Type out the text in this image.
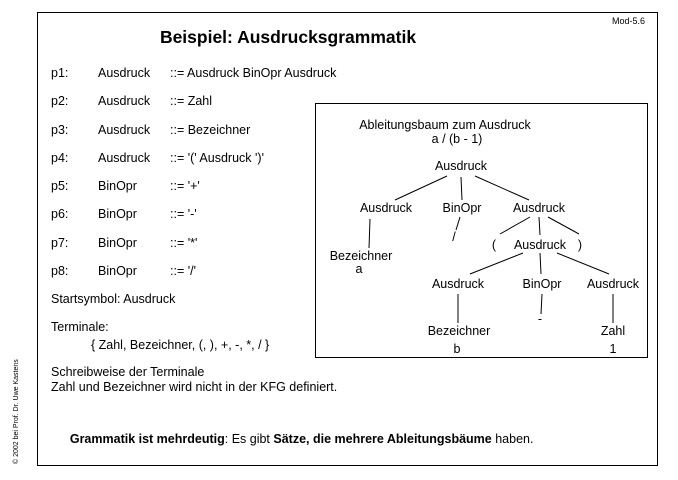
© 2002 bei Prof. Dr. Uwe Kastens
Mod-5.6
Beispiel: Ausdrucksgrammatik
p1:	Ausdruck	::= Ausdruck BinOpr Ausdruck
p2:	Ausdruck	::= Zahl
p3:	Ausdruck	::= Bezeichner
p4:	Ausdruck	::= '(' Ausdruck ')'
p5:	BinOpr	::= '+'
p6:	BinOpr	::= '-'
p7:	BinOpr	::= '*'
p8:	BinOpr	::= '/'
Startsymbol: Ausdruck
Terminale:
{ Zahl, Bezeichner, (, ), +, -, *, / }
Ableitungsbaum zum Ausdruck
a / (b - 1)
Ausdruck
Ausdruck BinOpr	Ausdruck
/
( Ausdruck )
Ausdruck	BinOpr Ausdruck
-
Bezeichner
a
Bezeichner
b
Zahl
1
Schreibweise der Terminale
Zahl und Bezeichner wird nicht in der KFG definiert.

Grammatik ist mehrdeutig: Es gibt Sätze, die mehrere Ableitungsbäume haben.
